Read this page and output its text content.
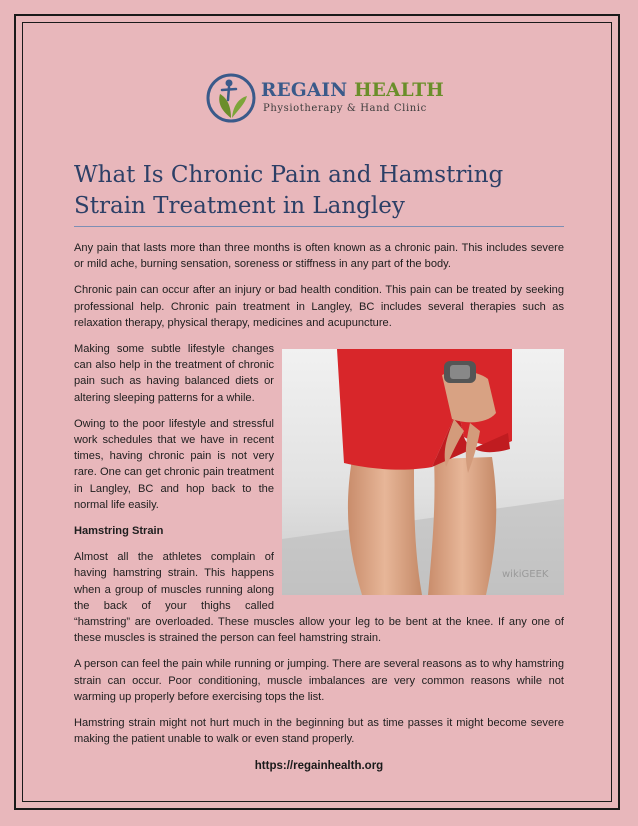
REGAIN HEALTH
Physiotherapy & Hand Clinic
What Is Chronic Pain and Hamstring Strain Treatment in Langley

Any pain that lasts more than three months is often known as a chronic pain. This includes severe or mild ache, burning sensation, soreness or stiffness in any part of the body.

Chronic pain can occur after an injury or bad health condition. This pain can be treated by seeking professional help. Chronic pain treatment in Langley, BC includes several therapies such as relaxation therapy, physical therapy, medicines and acupuncture.

wikiGEEK

Making some subtle lifestyle changes can also help in the treatment of chronic pain such as having balanced diets or altering sleeping patterns for a while.

Owing to the poor lifestyle and stressful work schedules that we have in recent times, having chronic pain is not very rare. One can get chronic pain treatment in Langley, BC and hop back to the normal life easily.

Hamstring Strain

Almost all the athletes complain of having hamstring strain. This happens when a group of muscles running along the back of your thighs called “hamstring” are overloaded. These muscles allow your leg to be bent at the knee. If any one of these muscles is strained the person can feel hamstring strain.

A person can feel the pain while running or jumping. There are several reasons as to why hamstring strain can occur. Poor conditioning, muscle imbalances are very common reasons while not warming up properly before exercising tops the list.

Hamstring strain might not hurt much in the beginning but as time passes it might become severe making the patient unable to walk or even stand properly.

https://regainhealth.org
